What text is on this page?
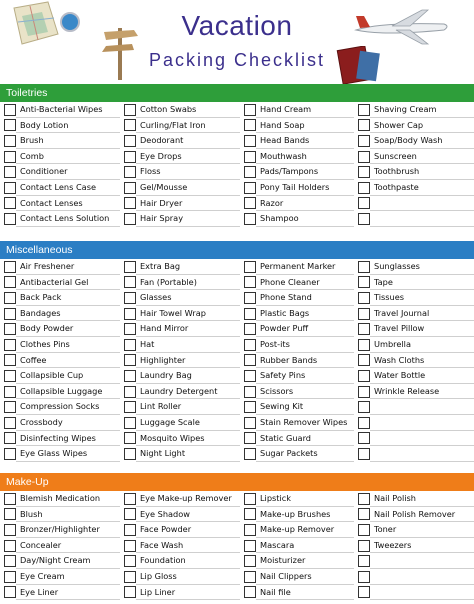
Vacation
Packing Checklist
Toiletries
Anti-Bacterial Wipes
Body Lotion
Brush
Comb
Conditioner
Contact Lens Case
Contact Lenses
Contact Lens Solution
Cotton Swabs
Curling/Flat Iron
Deodorant
Eye Drops
Floss
Gel/Mousse
Hair Dryer
Hair Spray
Hand Cream
Hand Soap
Head Bands
Mouthwash
Pads/Tampons
Pony Tail Holders
Razor
Shampoo
Shaving Cream
Shower Cap
Soap/Body Wash
Sunscreen
Toothbrush
Toothpaste
Miscellaneous
Air Freshener
Antibacterial Gel
Back Pack
Bandages
Body Powder
Clothes Pins
Coffee
Collapsible Cup
Collapsible Luggage
Compression Socks
Crossbody
Disinfecting Wipes
Eye Glass Wipes
Extra Bag
Fan (Portable)
Glasses
Hair Towel Wrap
Hand Mirror
Hat
Highlighter
Laundry Bag
Laundry Detergent
Lint Roller
Luggage Scale
Mosquito Wipes
Night Light
Permanent Marker
Phone Cleaner
Phone Stand
Plastic Bags
Powder Puff
Post-its
Rubber Bands
Safety Pins
Scissors
Sewing Kit
Stain Remover Wipes
Static Guard
Sugar Packets
Sunglasses
Tape
Tissues
Travel Journal
Travel Pillow
Umbrella
Wash Cloths
Water Bottle
Wrinkle Release
Make-Up
Blemish Medication
Blush
Bronzer/Highlighter
Concealer
Day/Night Cream
Eye Cream
Eye Liner
Eye Make-up Remover
Eye Shadow
Face Powder
Face Wash
Foundation
Lip Gloss
Lip Liner
Lipstick
Make-up Brushes
Make-up Remover
Mascara
Moisturizer
Nail Clippers
Nail file
Nail Polish
Nail Polish Remover
Toner
Tweezers
